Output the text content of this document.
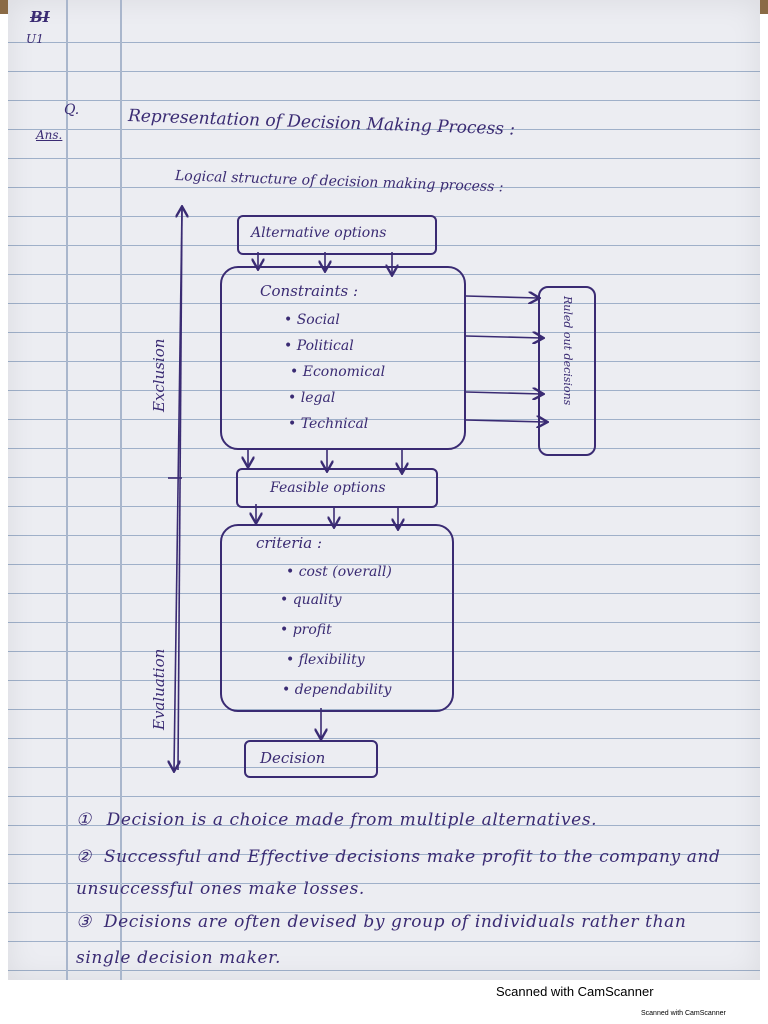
BI
U1
Q.
Ans.	Representation of Decision Making Process :
Logical structure of decision making process :
Alternative options
Constraints :
• Social
• Political
• Economical
• legal
• Technical
Ruled out decisions
Feasible options
criteria :
• cost (overall)
• quality
• profit
• flexibility
• dependability
Decision
Exclusion
Evaluation
① Decision is a choice made from multiple alternatives.
② Successful and Effective decisions make profit to the company and unsuccessful ones make losses.
③ Decisions are often devised by group of individuals rather than single decision maker.
Scanned with CamScanner
Scanned with CamScanner
